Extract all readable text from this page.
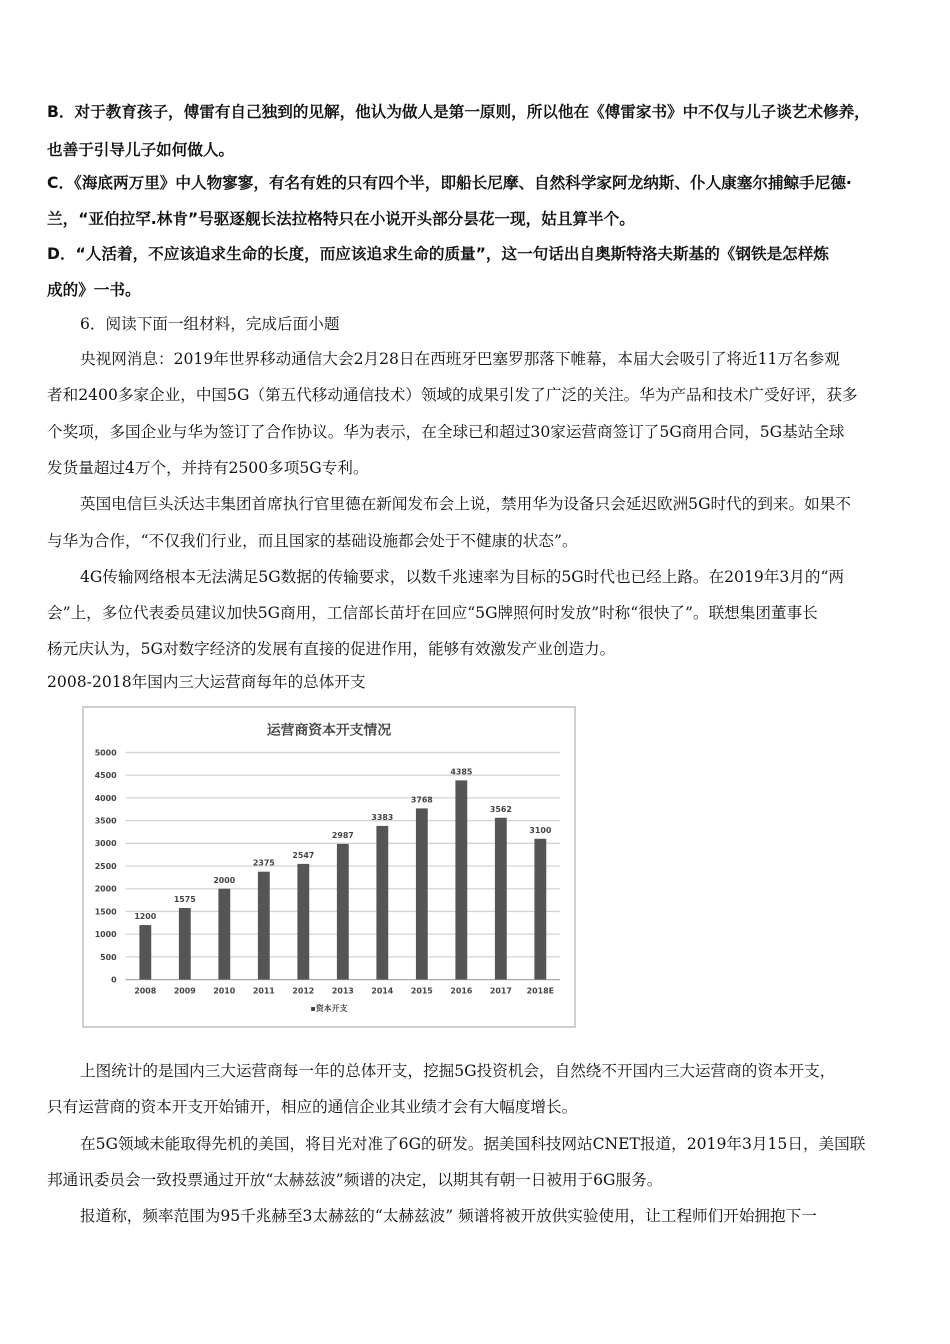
B．对于教育孩子，傅雷有自己独到的见解，他认为做人是第一原则，所以他在《傅雷家书》中不仅与儿子谈艺术修养，
也善于引导儿子如何做人。
C．《海底两万里》中人物寥寥，有名有姓的只有四个半，即船长尼摩、自然科学家阿龙纳斯、仆人康塞尔捕鲸手尼德·
兰，“亚伯拉罕.林肯”号驱逐舰长法拉格特只在小说开头部分昙花一现，姑且算半个。
D．“人活着，不应该追求生命的长度，而应该追求生命的质量”，这一句话出自奥斯特洛夫斯基的《钢铁是怎样炼
成的》一书。
6．阅读下面一组材料，完成后面小题
央视网消息：2019年世界移动通信大会2月28日在西班牙巴塞罗那落下帷幕，本届大会吸引了将近11万名参观
者和2400多家企业，中国5G（第五代移动通信技术）领域的成果引发了广泛的关注。华为产品和技术广受好评，获多
个奖项，多国企业与华为签订了合作协议。华为表示，在全球已和超过30家运营商签订了5G商用合同，5G基站全球
发货量超过4万个，并持有2500多项5G专利。
英国电信巨头沃达丰集团首席执行官里德在新闻发布会上说，禁用华为设备只会延迟欧洲5G时代的到来。如果不
与华为合作，“不仅我们行业，而且国家的基础设施都会处于不健康的状态”。
4G传输网络根本无法满足5G数据的传输要求，以数千兆速率为目标的5G时代也已经上路。在2019年3月的“两
会”上，多位代表委员建议加快5G商用，工信部长苗圩在回应“5G牌照何时发放”时称“很快了”。联想集团董事长
杨元庆认为，5G对数字经济的发展有直接的促进作用，能够有效激发产业创造力。
2008-2018年国内三大运营商每年的总体开支
上图统计的是国内三大运营商每一年的总体开支，挖掘5G投资机会，自然绕不开国内三大运营商的资本开支，
只有运营商的资本开支开始铺开，相应的通信企业其业绩才会有大幅度增长。
在5G领域未能取得先机的美国，将目光对准了6G的研发。据美国科技网站CNET报道，2019年3月15日，美国联
邦通讯委员会一致投票通过开放“太赫兹波”频谱的决定，以期其有朝一日被用于6G服务。
报道称，频率范围为95千兆赫至3太赫兹的“太赫兹波” 频谱将被开放供实验使用，让工程师们开始拥抱下一
运营商资本开支情况
▪资本开支
0
500
1000
1500
2000
2500
3000
3500
4000
4500
5000
1200
2008
1575
2009
2000
2010
2375
2011
2547
2012
2987
2013
3383
2014
3768
2015
4385
2016
3562
2017
3100
2018E
